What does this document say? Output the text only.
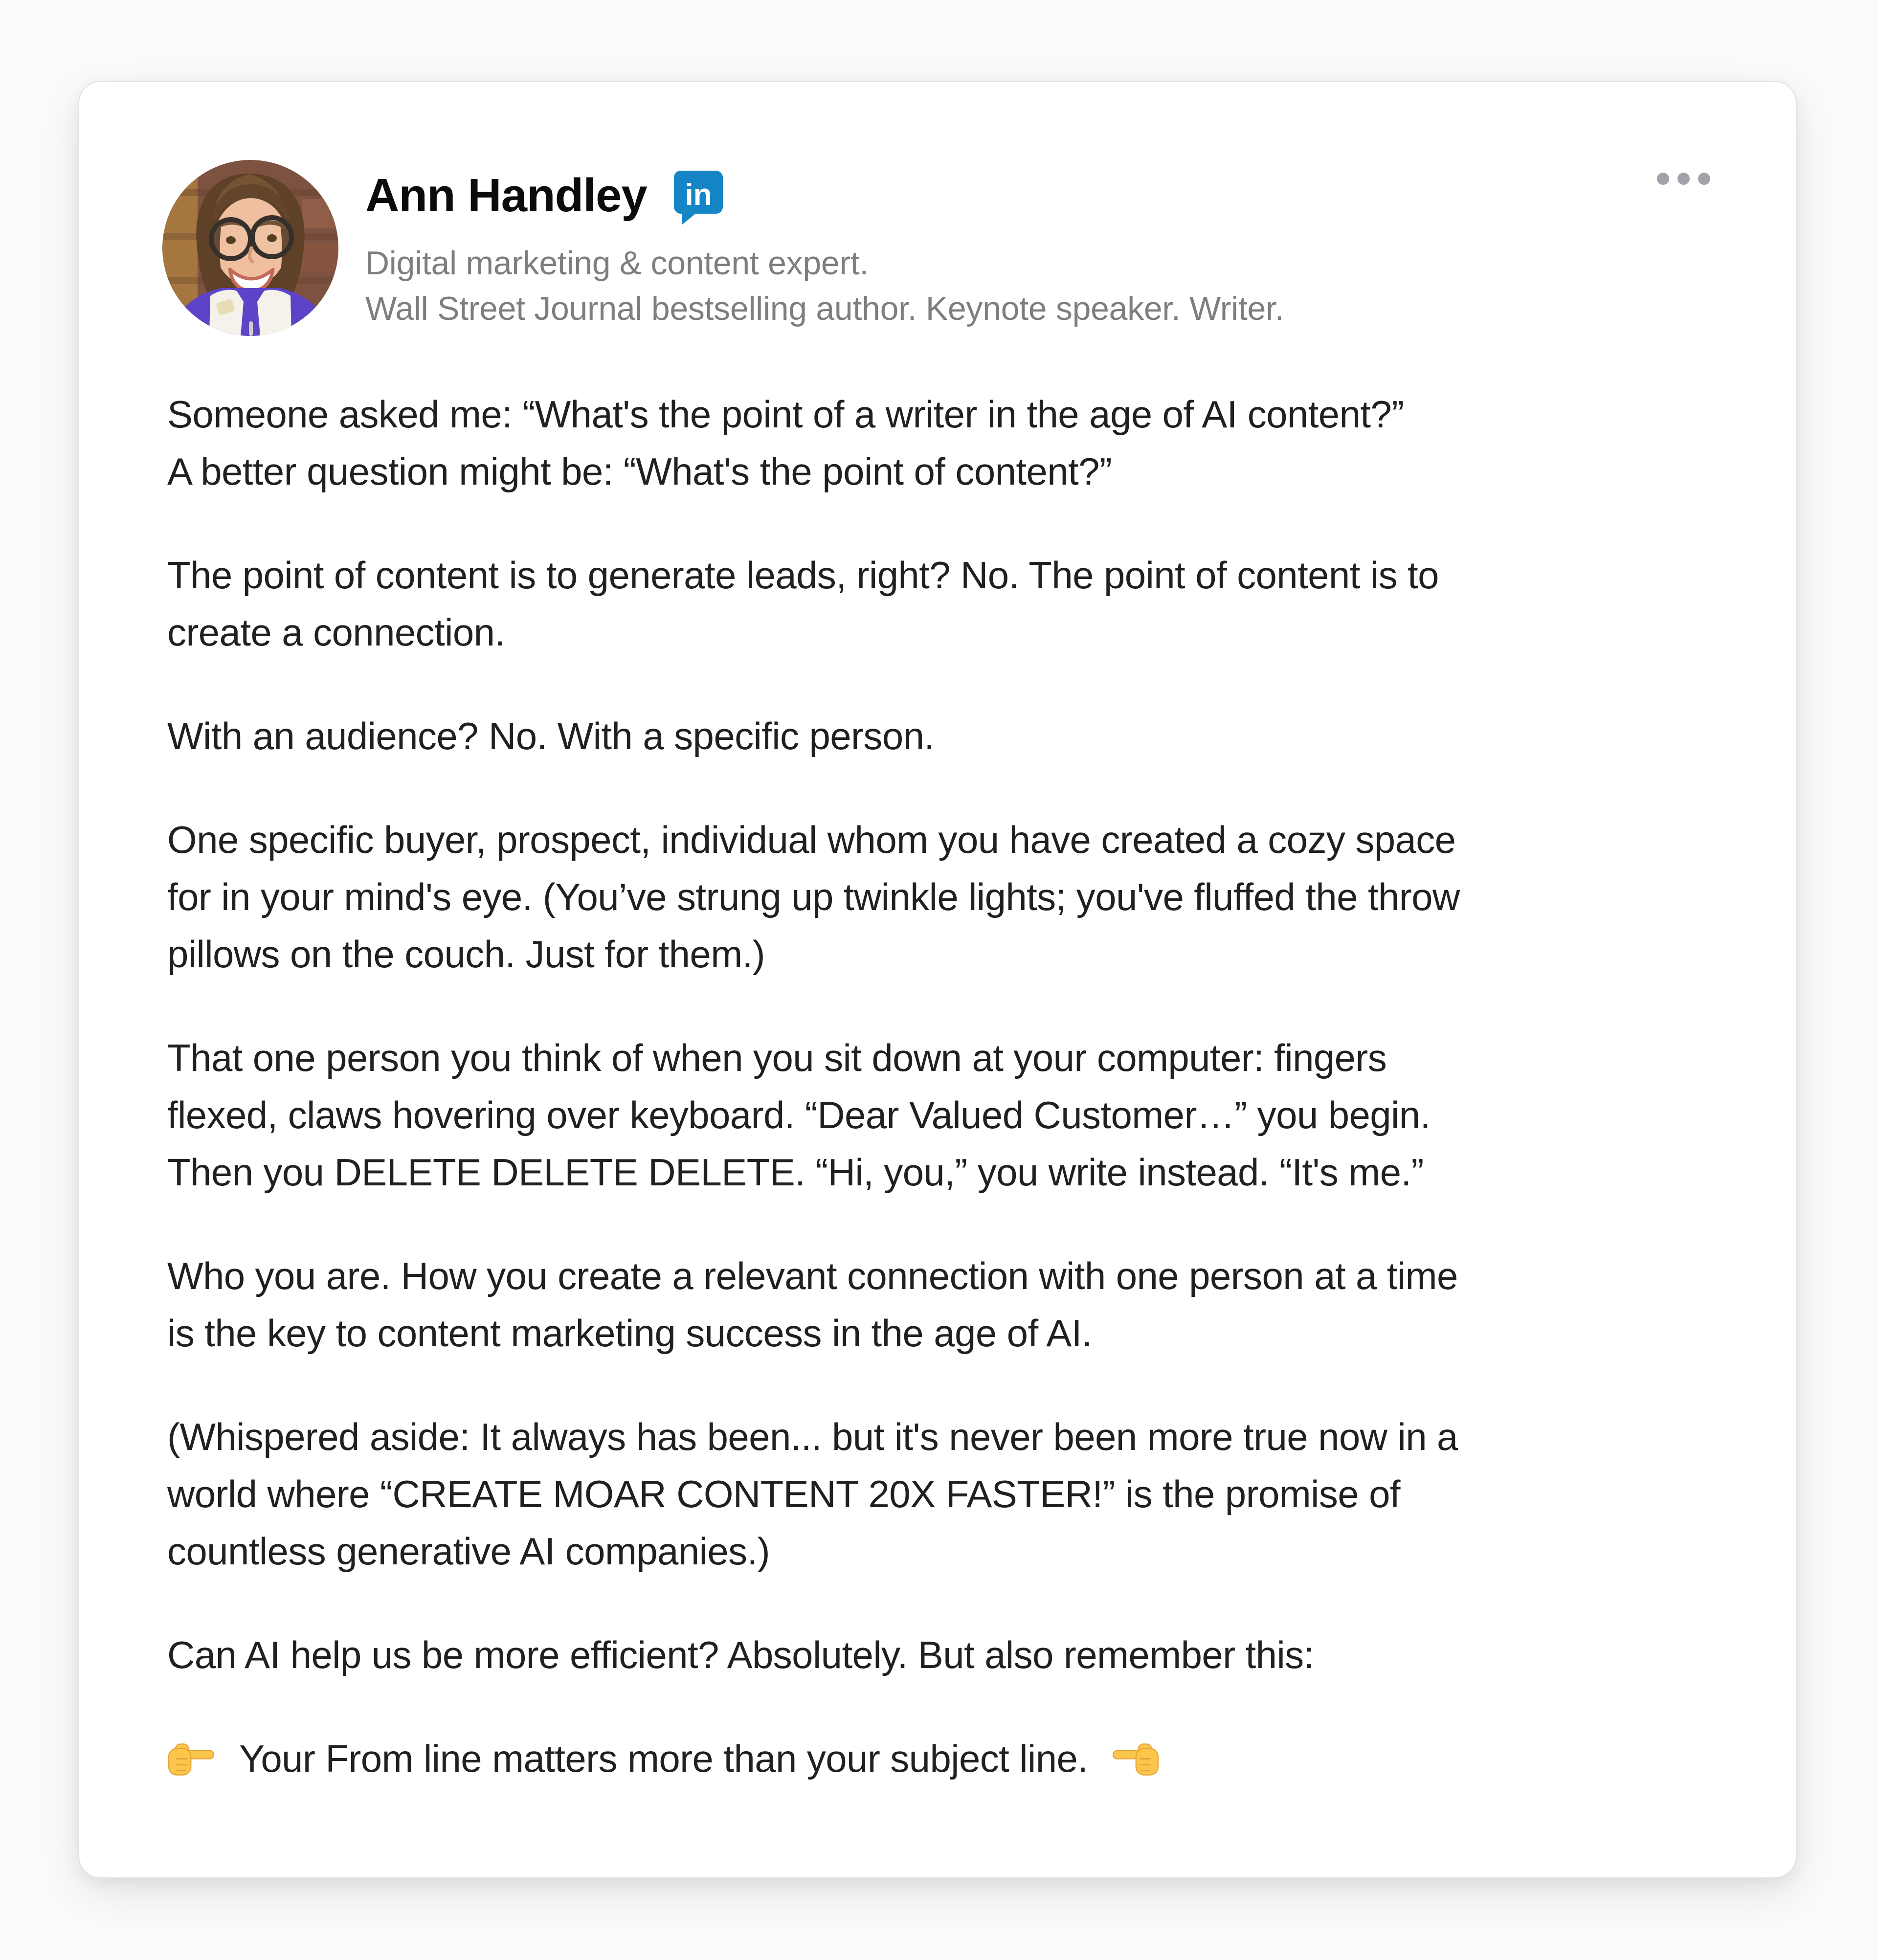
Ann Handley in
Digital marketing & content expert.
Wall Street Journal bestselling author. Keynote speaker. Writer.

Someone asked me: “What's the point of a writer in the age of AI content?”
A better question might be: “What's the point of content?”

The point of content is to generate leads, right? No. The point of content is to
create a connection.

With an audience? No. With a specific person.

One specific buyer, prospect, individual whom you have created a cozy space
for in your mind's eye. (You’ve strung up twinkle lights; you've fluffed the throw
pillows on the couch. Just for them.)

That one person you think of when you sit down at your computer: fingers
flexed, claws hovering over keyboard. “Dear Valued Customer…” you begin.
Then you DELETE DELETE DELETE. “Hi, you,” you write instead. “It's me.”

Who you are. How you create a relevant connection with one person at a time
is the key to content marketing success in the age of AI.

(Whispered aside: It always has been... but it's never been more true now in a
world where “CREATE MOAR CONTENT 20X FASTER!” is the promise of
countless generative AI companies.)

Can AI help us be more efficient? Absolutely. But also remember this:

Your From line matters more than your subject line.
